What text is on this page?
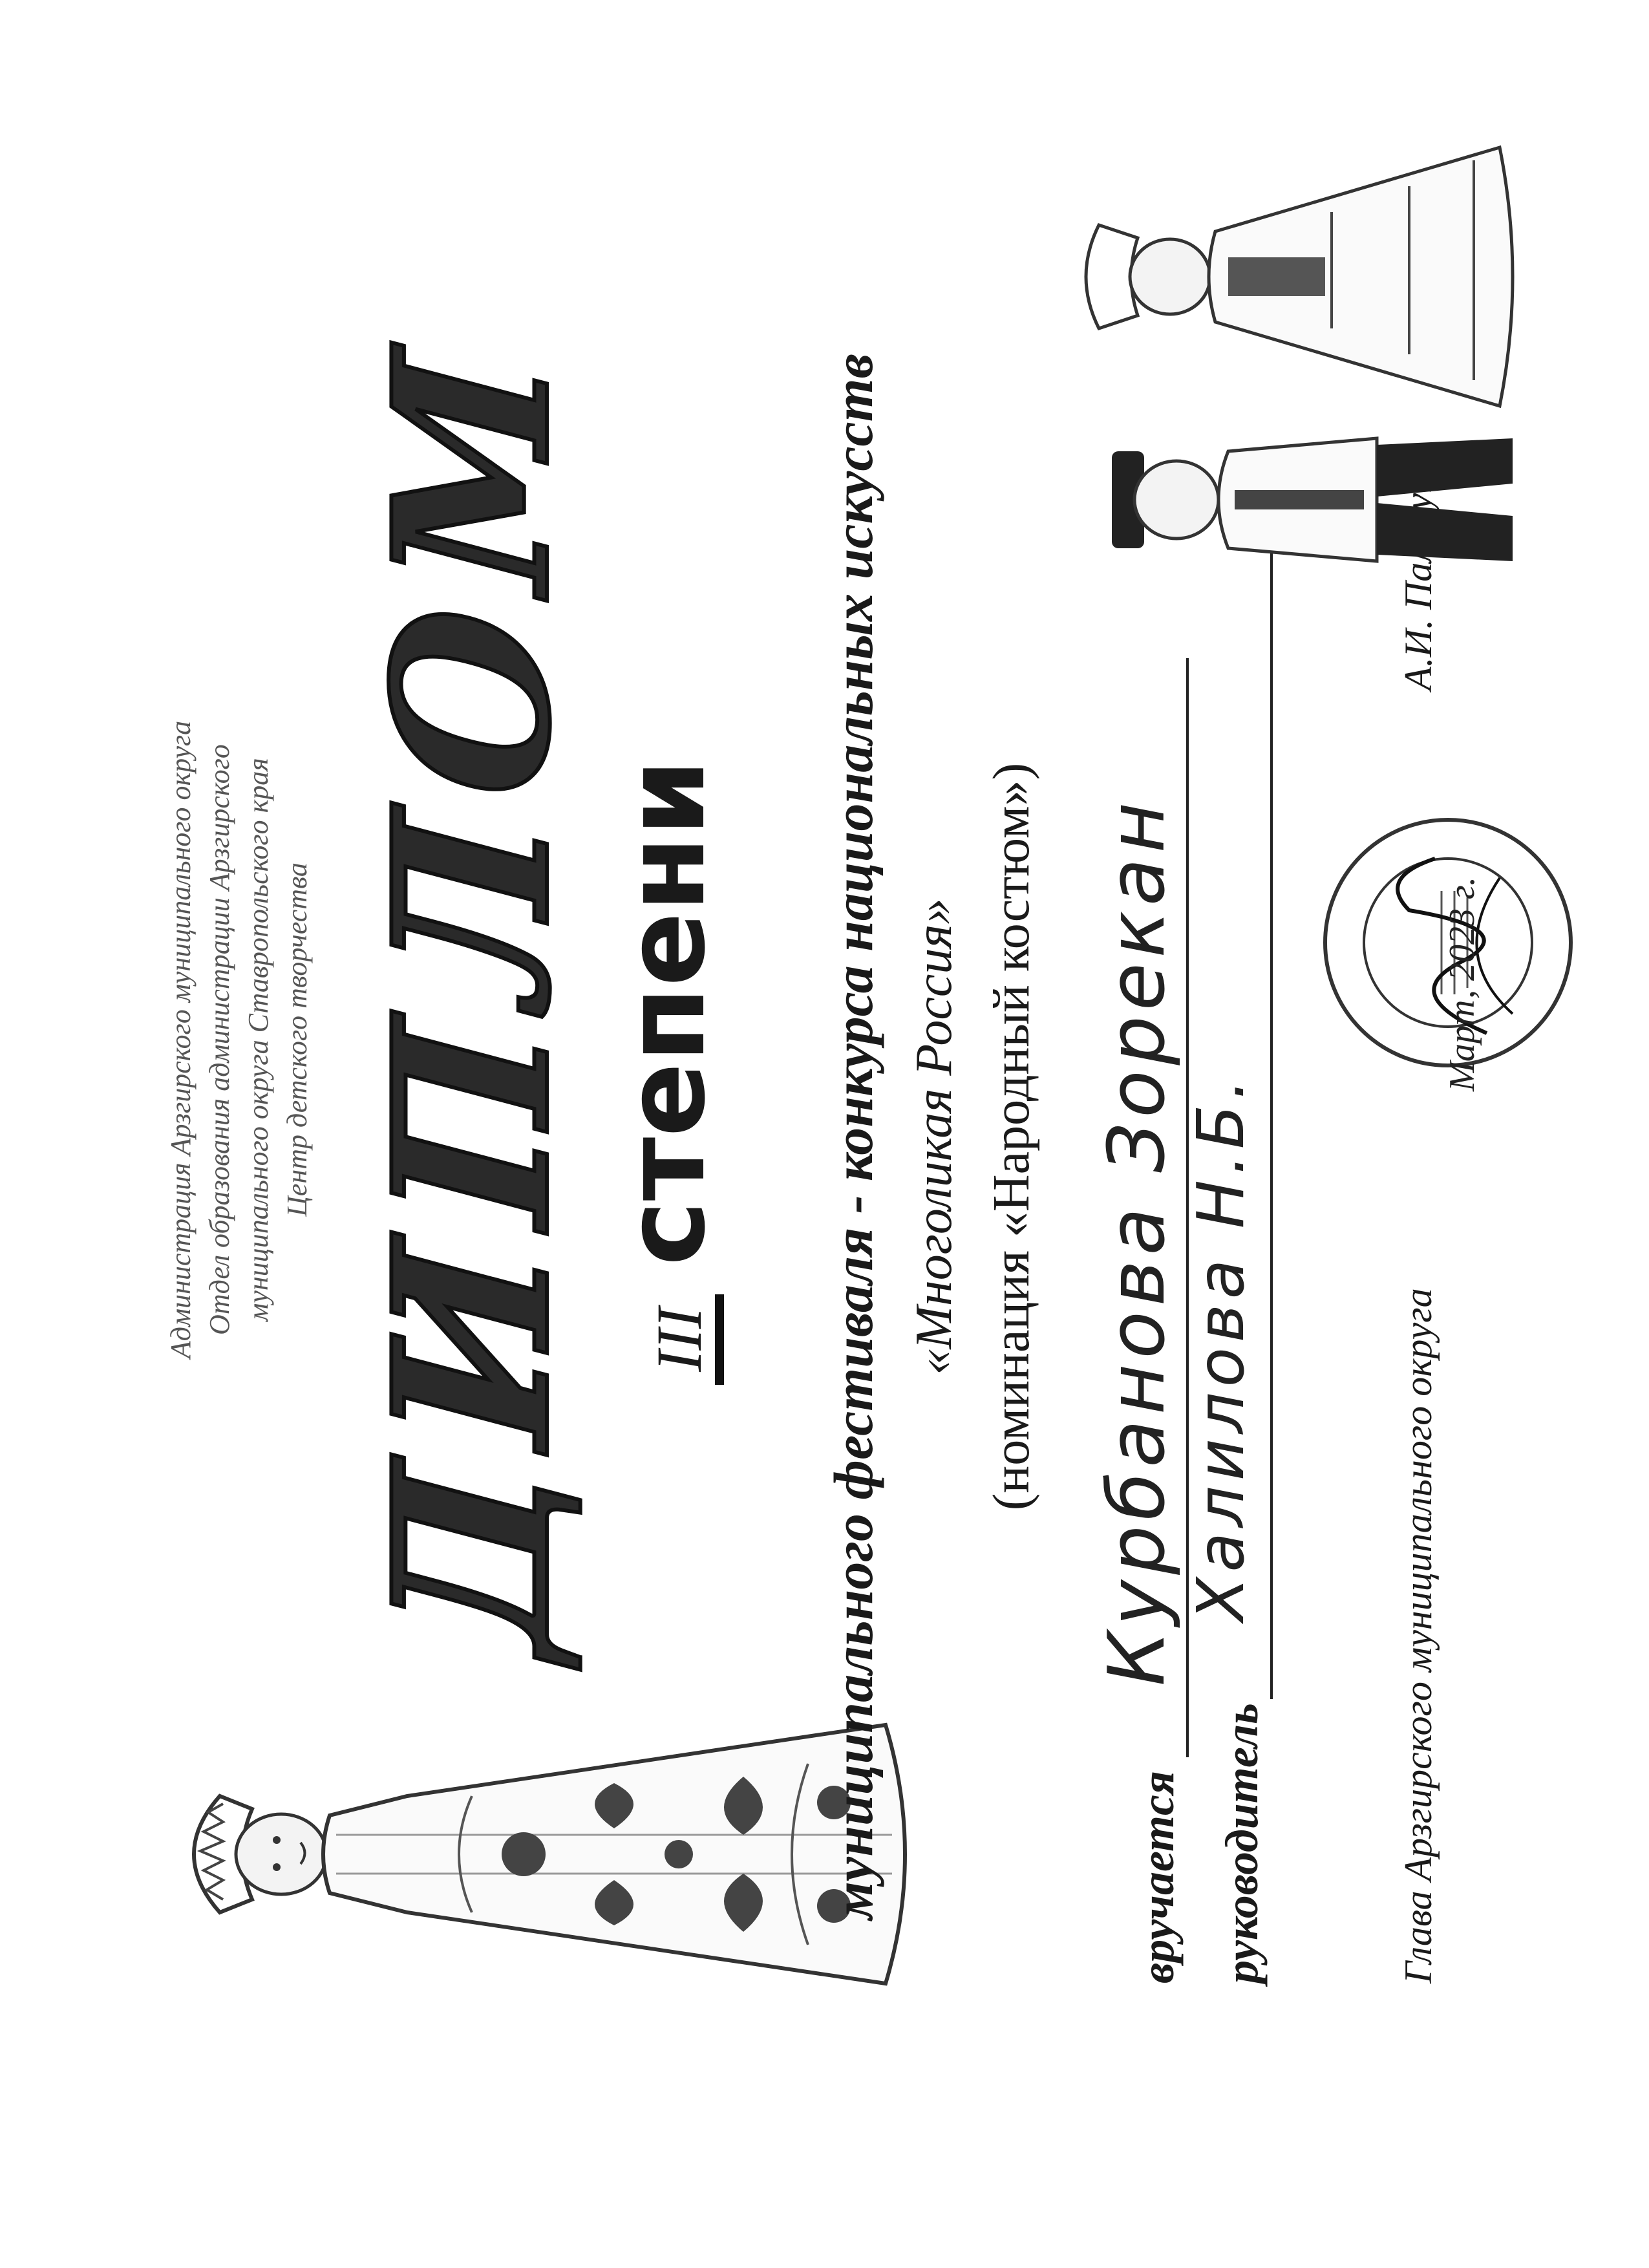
Администрация Арзгирского муниципального округа Отдел образования администрации Арзгирского муниципального округа Ставропольского края Центр детского творчества ДИПЛОМ III степени муниципального фестиваля - конкурса национальных искусств «Многоликая Россия» (номинация «Народный костюм»)
вручается
Курбанова Зорекан
руководитель
Халилова Н.Б.	Глава Арзгирского муниципального округа
А.И. Палагута
Март, 2023 г.
